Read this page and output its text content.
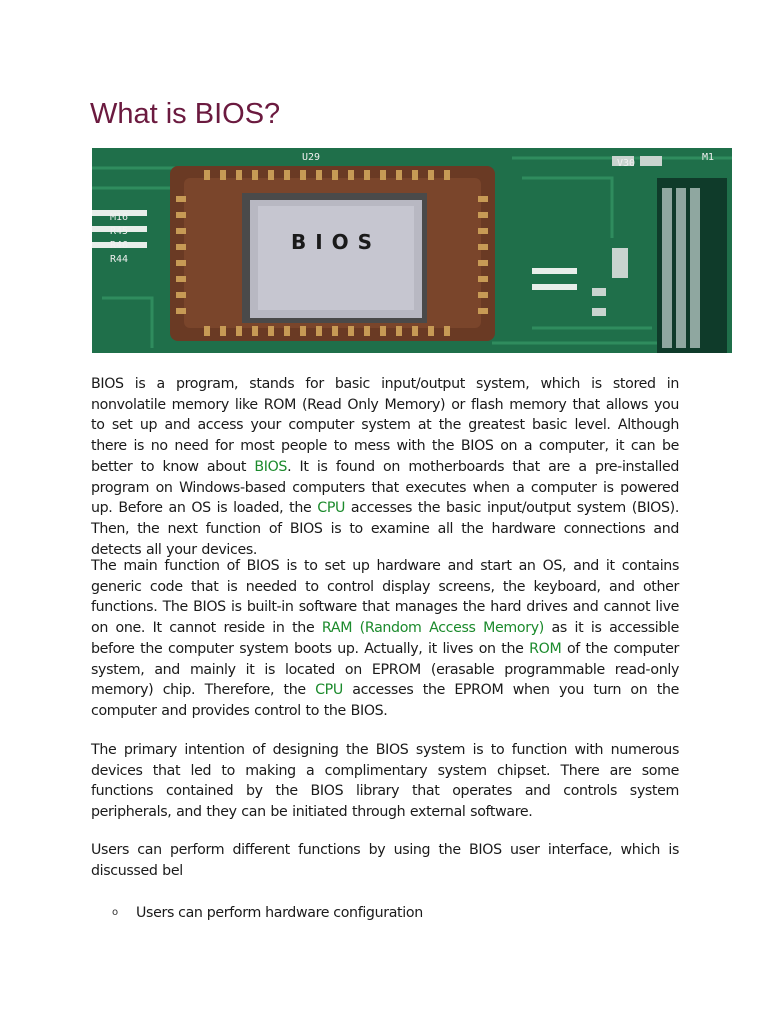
What is BIOS?
U29
V30
M1
M16
R45
R46
R44
BIOS

BIOS is a program, stands for basic input/output system, which is stored in nonvolatile memory like ROM (Read Only Memory) or flash memory that allows you to set up and access your computer system at the greatest basic level. Although there is no need for most people to mess with the BIOS on a computer, it can be better to know about BIOS. It is found on motherboards that are a pre-installed program on Windows-based computers that executes when a computer is powered up. Before an OS is loaded, the CPU accesses the basic input/output system (BIOS). Then, the next function of BIOS is to examine all the hardware connections and detects all your devices.

The main function of BIOS is to set up hardware and start an OS, and it contains generic code that is needed to control display screens, the keyboard, and other functions. The BIOS is built-in software that manages the hard drives and cannot live on one. It cannot reside in the RAM (Random Access Memory) as it is accessible before the computer system boots up. Actually, it lives on the ROM of the computer system, and mainly it is located on EPROM (erasable programmable read-only memory) chip. Therefore, the CPU accesses the EPROM when you turn on the computer and provides control to the BIOS.

The primary intention of designing the BIOS system is to function with numerous devices that led to making a complimentary system chipset. There are some functions contained by the BIOS library that operates and controls system peripherals, and they can be initiated through external software.

Users can perform different functions by using the BIOS user interface, which is discussed bel

o	Users can perform hardware configuration
